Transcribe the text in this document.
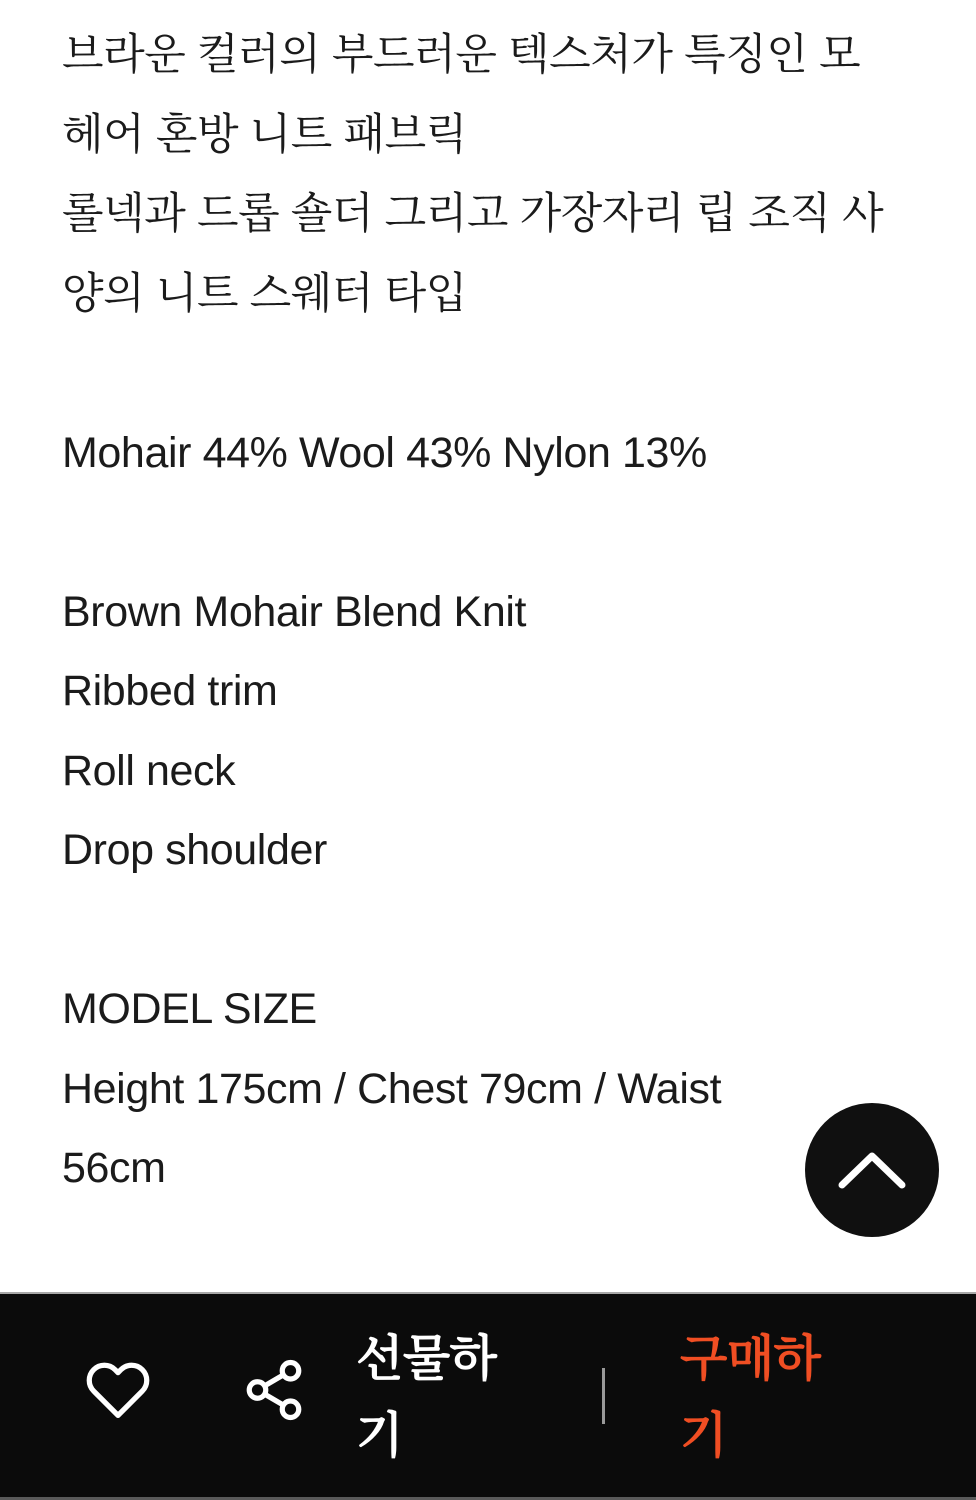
브라운 컬러의 부드러운 텍스처가 특징인 모
헤어 혼방 니트 패브릭
롤넥과 드롭 숄더 그리고 가장자리 립 조직 사
양의 니트 스웨터 타입
Mohair 44% Wool 43% Nylon 13%
Brown Mohair Blend Knit
Ribbed trim
Roll neck
Drop shoulder
MODEL SIZE
Height 175cm / Chest 79cm / Waist
56cm
선물하
기
구매하
기
